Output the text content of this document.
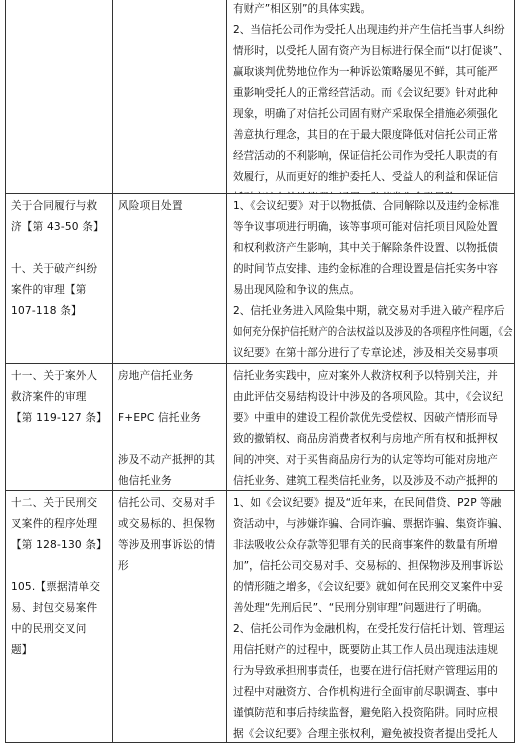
有财产”相区别”的具体实践。
2、当信托公司作为受托人出现违约并产生信托当事人纠纷
情形时，以受托人固有资产为目标进行保全而“以打促谈”、
赢取谈判优势地位作为一种诉讼策略屡见不鲜，其可能严
重影响受托人的正常经营活动。而《会议纪要》针对此种
现象，明确了对信托公司固有财产采取保全措施必须强化
善意执行理念，其目的在于最大限度降低对信托公司正常
经营活动的不利影响，保证信托公司作为受托人职责的有
效履行，从而更好的维护委托人、受益人的利益和保证信
关于合同履行与救
济【第 43-50 条】
十、关于破产纠纷
案件的审理【第
107-118 条】
风险项目处置	1、《会议纪要》对于以物抵债、合同解除以及违约金标准
等争议事项进行明确，该等事项可能对信托项目风险处置
和权利救济产生影响，其中关于解除条件设置、以物抵债
的时间节点安排、违约金标准的合理设置是信托实务中容
易出现风险和争议的焦点。
2、信托业务进入风险集中期，就交易对手进入破产程序后
如何充分保护信托财产的合法权益以及涉及的各项程序性问题，《会
议纪要》在第十部分进行了专章论述，涉及相关交易事项
十一、关于案外人
救济案件的审理
【第 119-127 条】
房地产信托业务
F+EPC 信托业务
涉及不动产抵押的其
他信托业务
信托业务实践中，应对案外人救济权利予以特别关注，并
由此评估交易结构设计中涉及的各项风险。其中，《会议纪
要》中重申的建设工程价款优先受偿权、因破产情形而导
致的撤销权、商品房消费者权利与房地产所有权和抵押权
间的冲突、对于买售商品房行为的认定等均可能对房地产
信托业务、建筑工程类信托业务，以及涉及不动产抵押的
十二、关于民刑交
叉案件的程序处理
【第 128-130 条】
105.【票据清单交
易、封包交易案件
中的民刑交叉问
题】
信托公司、交易对手
或交易标的、担保物
等涉及刑事诉讼的情
形
1、如《会议纪要》提及“近年来，在民间借贷、P2P 等融
资活动中，与涉嫌诈骗、合同诈骗、票据诈骗、集资诈骗、
非法吸收公众存款等犯罪有关的民商事案件的数量有所增
加”，信托公司交易对手、交易标的、担保物涉及刑事诉讼
的情形随之增多，《会议纪要》就如何在民刑交叉案件中妥
善处理“先刑后民”、“民刑分别审理”问题进行了明确。
2、信托公司作为金融机构，在受托发行信托计划、管理运
用信托财产的过程中，既要防止其工作人员出现违法违规
行为导致承担刑事责任，也要在进行信托财产管理运用的
过程中对融资方、合作机构进行全面审前尽职调查、事中
谨慎防范和事后持续监督，避免陷入投资陷阱。同时应根
据《会议纪要》合理主张权利，避免被投资者提出受托人
